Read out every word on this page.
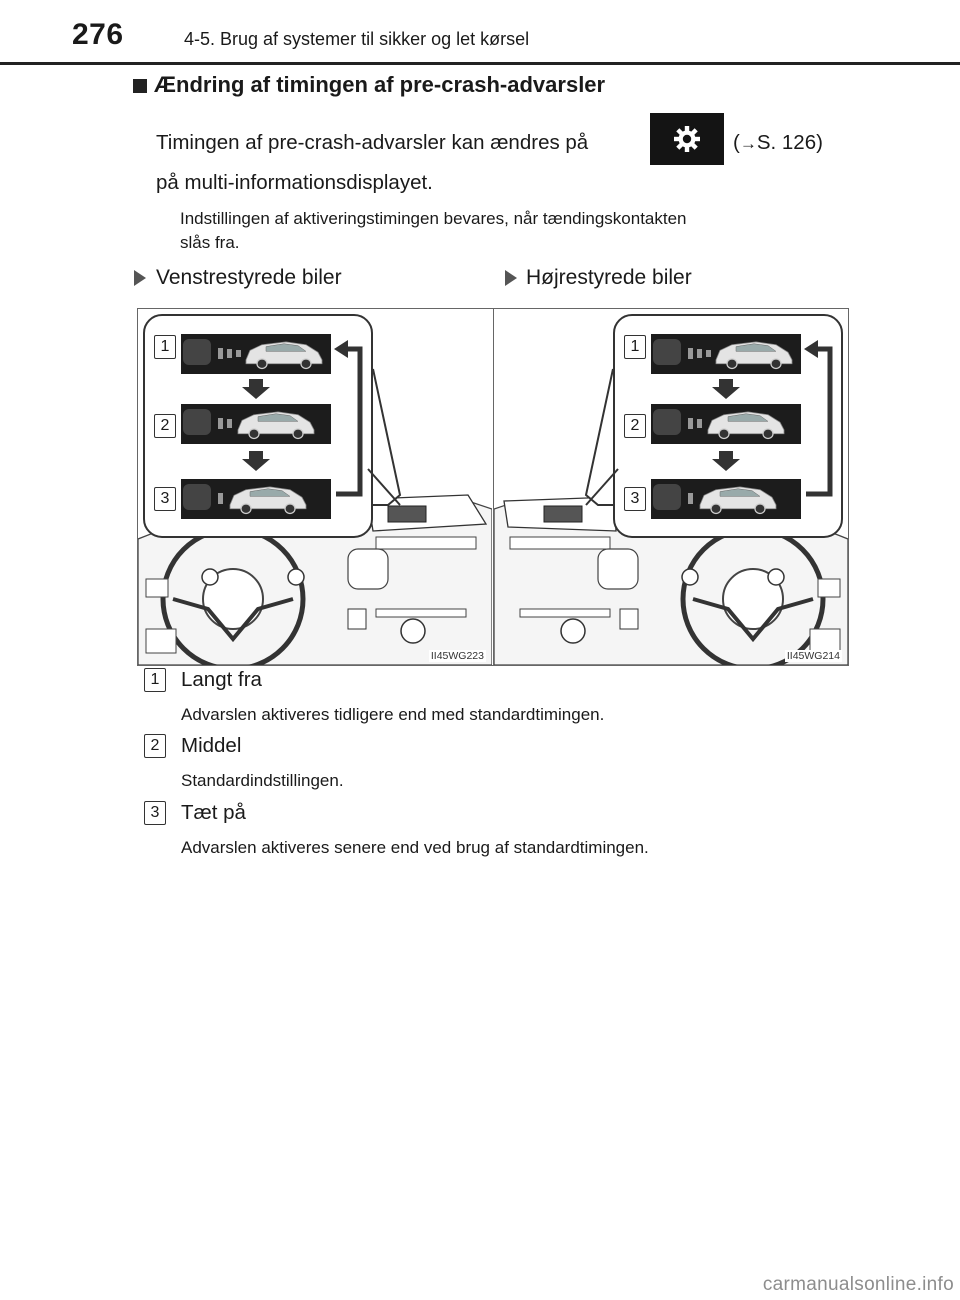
276	4-5. Brug af systemer til sikker og let kørsel
Ændring af timingen af pre-crash-advarsler
Timingen af pre-crash-advarsler kan ændres på	(→S. 126)
på multi-informationsdisplayet.
Indstillingen af aktiveringstimingen bevares, når tændingskontakten
slås fra.
Venstrestyrede biler	Højrestyrede biler
1
2
3
II45WG223
1
2
3
II45WG214
1	Langt fra
Advarslen aktiveres tidligere end med standardtimingen.
2	Middel
Standardindstillingen.
3	Tæt på
Advarslen aktiveres senere end ved brug af standardtimingen.
carmanualsonline.info
